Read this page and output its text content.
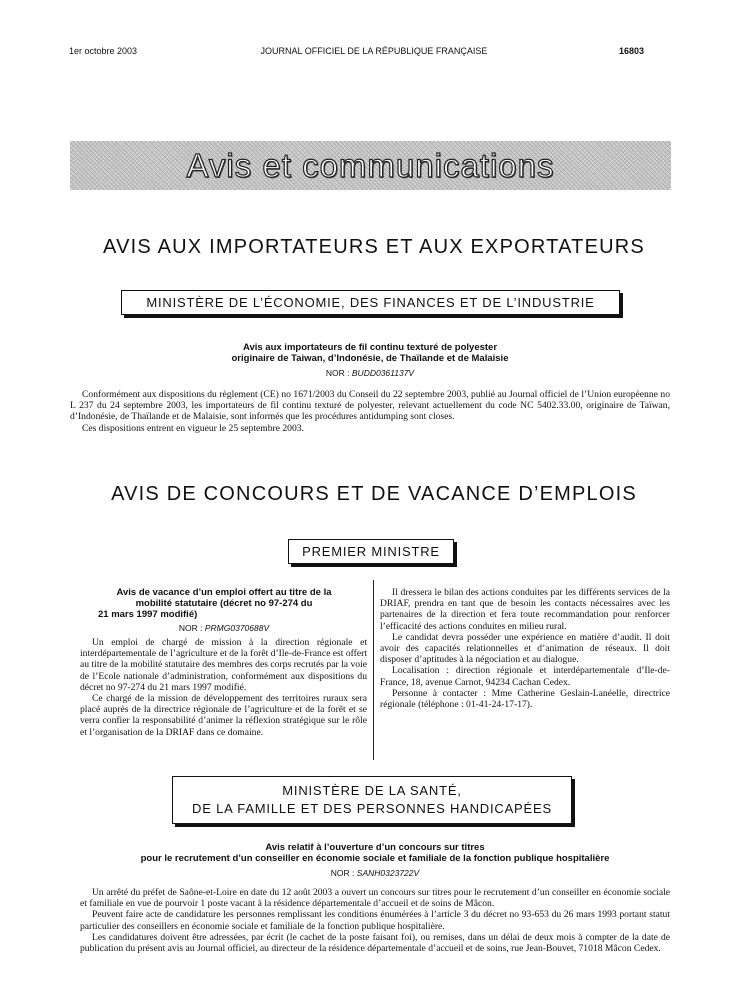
1er octobre 2003	JOURNAL OFFICIEL DE LA RÉPUBLIQUE FRANÇAISE	16803
Avis et communications
AVIS AUX IMPORTATEURS ET AUX EXPORTATEURS
MINISTÈRE DE L’ÉCONOMIE, DES FINANCES ET DE L’INDUSTRIE
Avis aux importateurs de fil continu texturé de polyester
originaire de Taiwan, d’Indonésie, de Thaïlande et de Malaisie
NOR : BUDD0361137V

Conformément aux dispositions du règlement (CE) no 1671/2003 du Conseil du 22 septembre 2003, publié au Journal officiel de l’Union européenne no L 237 du 24 septembre 2003, les importateurs de fil continu texturé de polyester, relevant actuellement du code NC 5402.33.00, originaire de Taïwan, d’Indonésie, de Thaïlande et de Malaisie, sont informés que les procédures antidumping sont closes.

Ces dispositions entrent en vigueur le 25 septembre 2003.

AVIS DE CONCOURS ET DE VACANCE D’EMPLOIS
PREMIER MINISTRE
Avis de vacance d’un emploi offert au titre de la
mobilité statutaire (décret no 97-274 du
21 mars 1997 modifié)
NOR : PRMG0370688V

Un emploi de chargé de mission à la direction régionale et interdépartementale de l’agriculture et de la forêt d’Ile-de-France est offert au titre de la mobilité statutaire des membres des corps recrutés par la voie de l’Ecole nationale d’administration, conformément aux dispositions du décret no 97-274 du 21 mars 1997 modifié.

Ce chargé de la mission de développement des territoires ruraux sera placé auprès de la directrice régionale de l’agriculture et de la forêt et se verra confier la responsabilité d’animer la réflexion stratégique sur le rôle et l’organisation de la DRIAF dans ce domaine.

Il dressera le bilan des actions conduites par les différents services de la DRIAF, prendra en tant que de besoin les contacts nécessaires avec les partenaires de la direction et fera toute recommandation pour renforcer l’efficacité des actions conduites en milieu rural.

Le candidat devra posséder une expérience en matière d’audit. Il doit avoir des capacités relationnelles et d’animation de réseaux. Il doit disposer d’aptitudes à la négociation et au dialogue.

Localisation : direction régionale et interdépartementale d’Ile-de-France, 18, avenue Carnot, 94234 Cachan Cedex.

Personne à contacter : Mme Catherine Geslain-Lanéelle, directrice régionale (téléphone : 01-41-24-17-17).

MINISTÈRE DE LA SANTÉ,
DE LA FAMILLE ET DES PERSONNES HANDICAPÉES
Avis relatif à l’ouverture d’un concours sur titres
pour le recrutement d’un conseiller en économie sociale et familiale de la fonction publique hospitalière
NOR : SANH0323722V

Un arrêté du préfet de Saône-et-Loire en date du 12 août 2003 a ouvert un concours sur titres pour le recrutement d’un conseiller en économie sociale et familiale en vue de pourvoir 1 poste vacant à la résidence départementale d’accueil et de soins de Mâcon.

Peuvent faire acte de candidature les personnes remplissant les conditions énumérées à l’article 3 du décret no 93-653 du 26 mars 1993 portant statut particulier des conseillers en économie sociale et familiale de la fonction publique hospitalière.

Les candidatures doivent être adressées, par écrit (le cachet de la poste faisant foi), ou remises, dans un délai de deux mois à compter de la date de publication du présent avis au Journal officiel, au directeur de la résidence départementale d’accueil et de soins, rue Jean-Bouvet, 71018 Mâcon Cedex.
